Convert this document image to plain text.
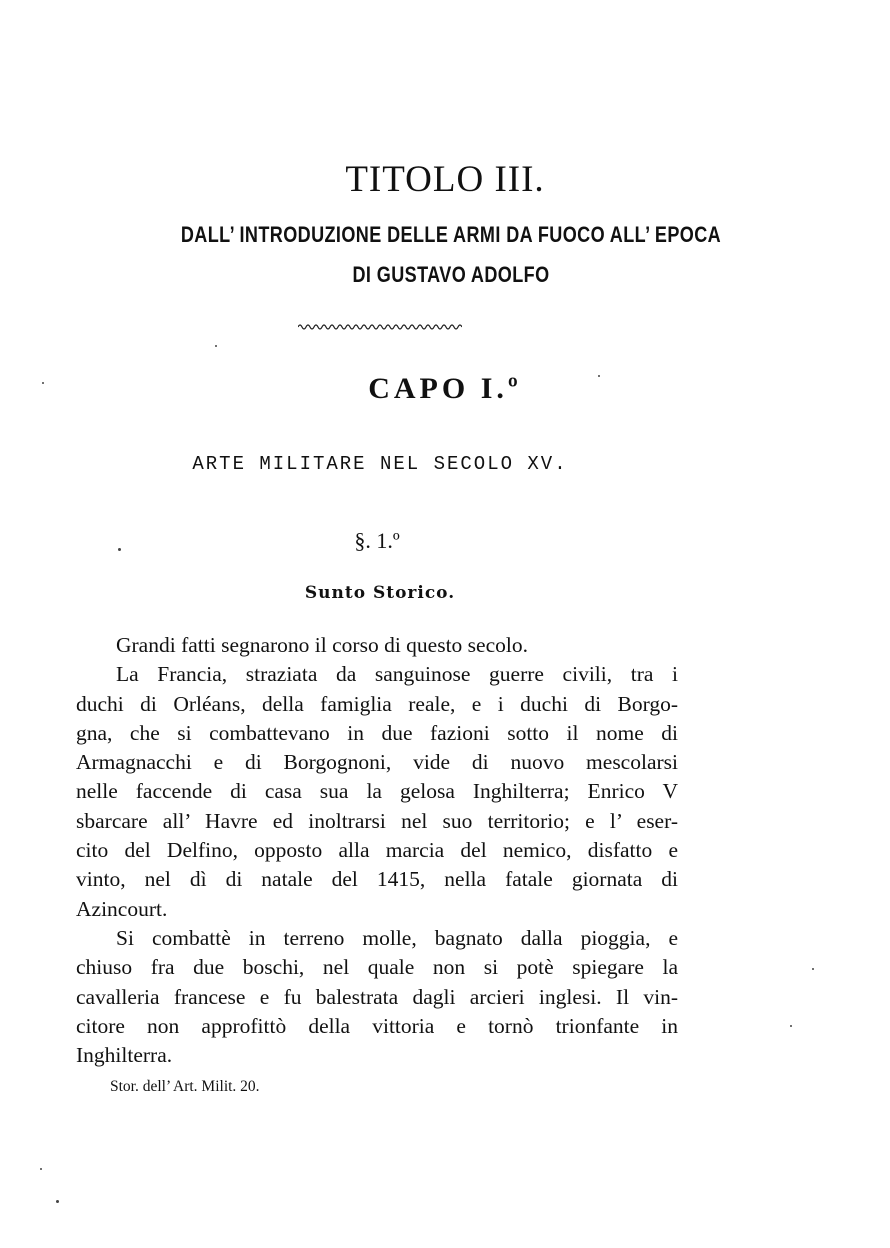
TITOLO III.
DALL’ INTRODUZIONE DELLE ARMI DA FUOCO ALL’ EPOCA
DI GUSTAVO ADOLFO
CAPO I.º
ARTE MILITARE NEL SECOLO XV.
§. 1.º
Sunto Storico.
Grandi fatti segnarono il corso di questo secolo.
La Francia, straziata da sanguinose guerre civili, tra i
duchi di Orléans, della famiglia reale, e i duchi di Borgo-
gna, che si combattevano in due fazioni sotto il nome di
Armagnacchi e di Borgognoni, vide di nuovo mescolarsi
nelle faccende di casa sua la gelosa Inghilterra; Enrico V
sbarcare all’ Havre ed inoltrarsi nel suo territorio; e l’ eser-
cito del Delfino, opposto alla marcia del nemico, disfatto e
vinto, nel dì di natale del 1415, nella fatale giornata di
Azincourt.
Si combattè in terreno molle, bagnato dalla pioggia, e
chiuso fra due boschi, nel quale non si potè spiegare la
cavalleria francese e fu balestrata dagli arcieri inglesi. Il vin-
citore non approfittò della vittoria e tornò trionfante in
Inghilterra.
Stor. dell’ Art. Milit. 20.
